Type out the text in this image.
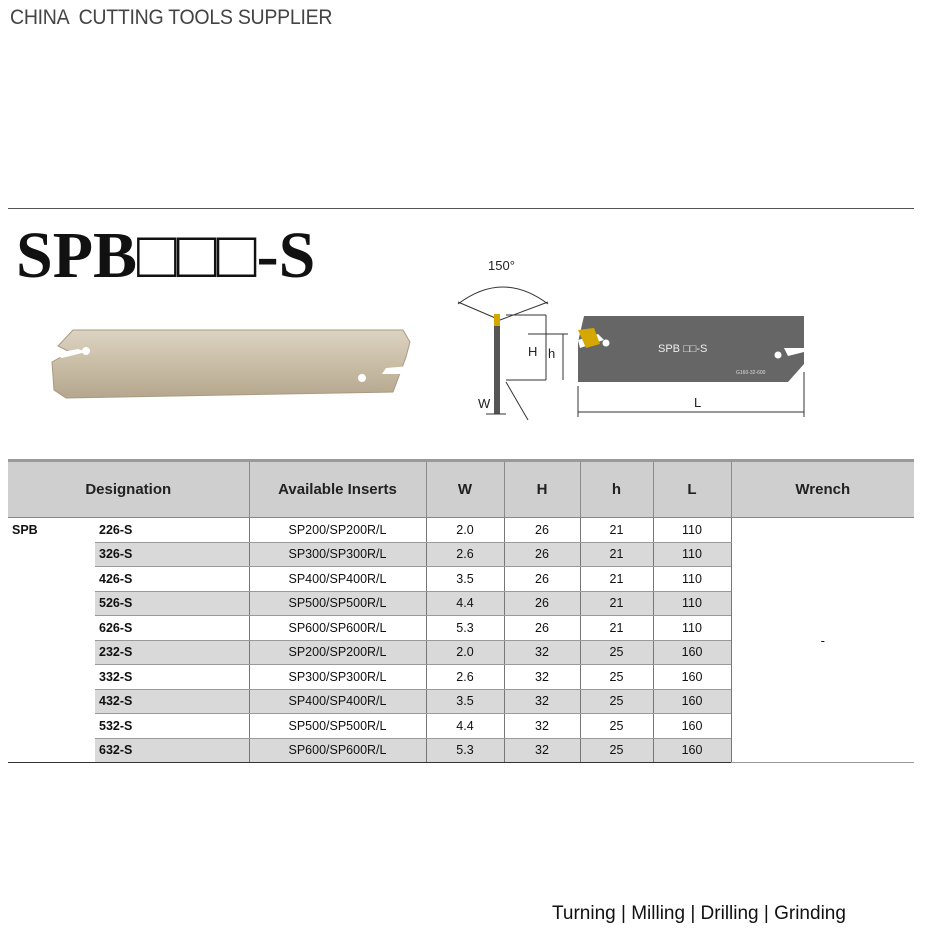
CHINA  CUTTING TOOLS SUPPLIER
SPB□□□-S	150°
H h
W
SPB □□-S
G160-32-600
L
Designation		Available Inserts	W	H	h	L	Wrench
SPB	226-S	SP200/SP200R/L	2.0	26	21	110	-
	326-S	SP300/SP300R/L	2.6	26	21	110	
	426-S	SP400/SP400R/L	3.5	26	21	110	
	526-S	SP500/SP500R/L	4.4	26	21	110	
	626-S	SP600/SP600R/L	5.3	26	21	110	
	232-S	SP200/SP200R/L	2.0	32	25	160	
	332-S	SP300/SP300R/L	2.6	32	25	160	
	432-S	SP400/SP400R/L	3.5	32	25	160	
	532-S	SP500/SP500R/L	4.4	32	25	160	
	632-S	SP600/SP600R/L	5.3	32	25	160	
Turning | Milling | Drilling | Grinding
